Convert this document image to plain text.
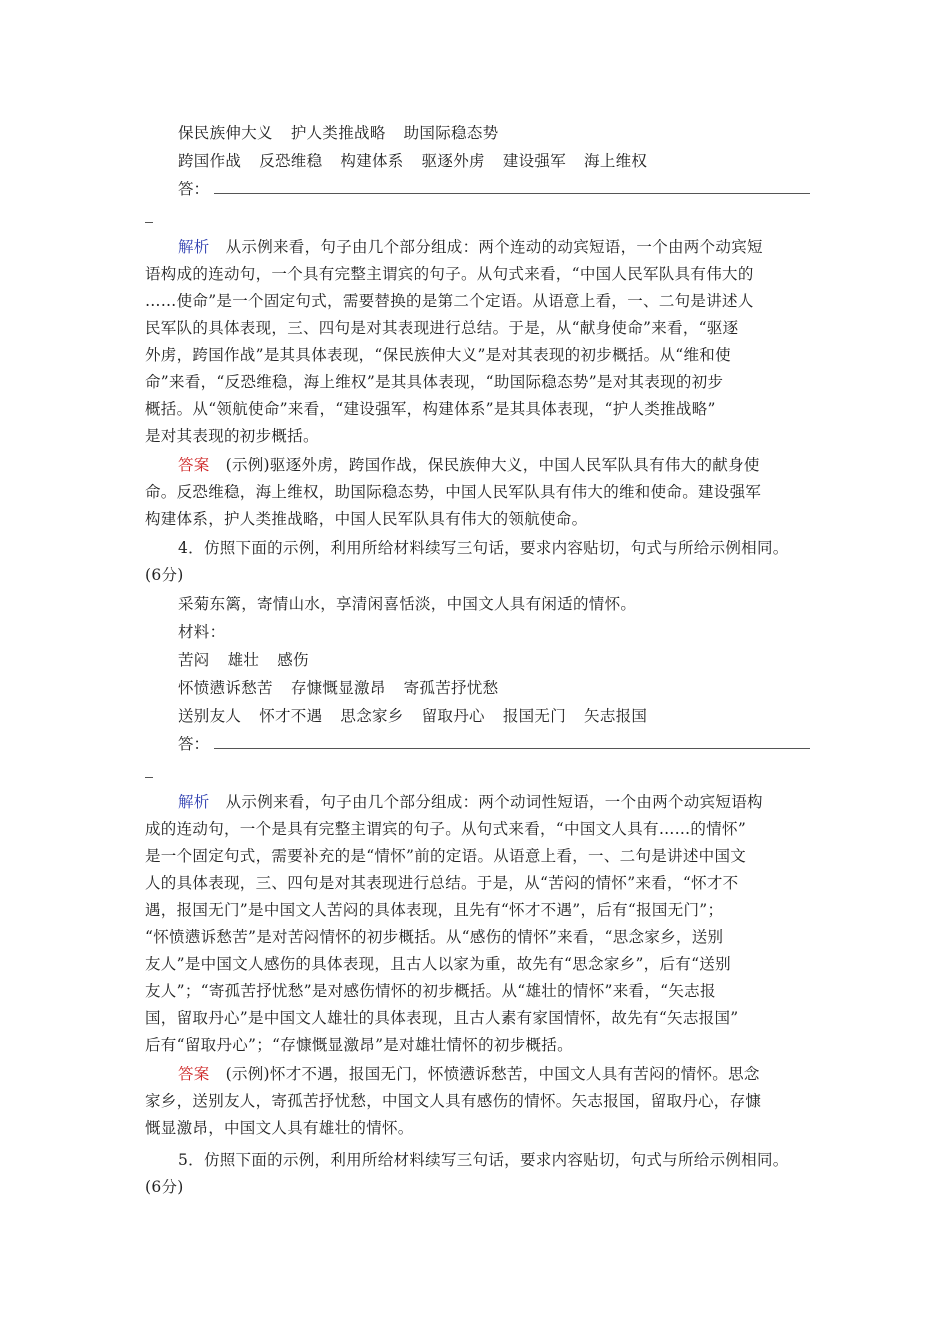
保民族伸大义 护人类推战略 助国际稳态势
跨国作战 反恐维稳 构建体系 驱逐外虏 建设强军 海上维权
答：
解析 从示例来看，句子由几个部分组成：两个连动的动宾短语，一个由两个动宾短
语构成的连动句，一个具有完整主谓宾的句子。从句式来看，“中国人民军队具有伟大的
……使命”是一个固定句式，需要替换的是第二个定语。从语意上看，一、二句是讲述人
民军队的具体表现，三、四句是对其表现进行总结。于是，从“献身使命”来看，“驱逐
外虏，跨国作战”是其具体表现，“保民族伸大义”是对其表现的初步概括。从“维和使
命”来看，“反恐维稳，海上维权”是其具体表现，“助国际稳态势”是对其表现的初步
概括。从“领航使命”来看，“建设强军，构建体系”是其具体表现，“护人类推战略”
是对其表现的初步概括。
答案 (示例)驱逐外虏，跨国作战，保民族伸大义，中国人民军队具有伟大的献身使
命。反恐维稳，海上维权，助国际稳态势，中国人民军队具有伟大的维和使命。建设强军
构建体系，护人类推战略，中国人民军队具有伟大的领航使命。
4．仿照下面的示例，利用所给材料续写三句话，要求内容贴切，句式与所给示例相同。
(6分)
采菊东篱，寄情山水，享清闲喜恬淡，中国文人具有闲适的情怀。
材料：
苦闷 雄壮 感伤
怀愤懑诉愁苦 存慷慨显激昂 寄孤苦抒忧愁
送别友人 怀才不遇 思念家乡 留取丹心 报国无门 矢志报国
答：
解析 从示例来看，句子由几个部分组成：两个动词性短语，一个由两个动宾短语构
成的连动句，一个是具有完整主谓宾的句子。从句式来看，“中国文人具有……的情怀”
是一个固定句式，需要补充的是“情怀”前的定语。从语意上看，一、二句是讲述中国文
人的具体表现，三、四句是对其表现进行总结。于是，从“苦闷的情怀”来看，“怀才不
遇，报国无门”是中国文人苦闷的具体表现，且先有“怀才不遇”，后有“报国无门”；
“怀愤懑诉愁苦”是对苦闷情怀的初步概括。从“感伤的情怀”来看，“思念家乡，送别
友人”是中国文人感伤的具体表现，且古人以家为重，故先有“思念家乡”，后有“送别
友人”；“寄孤苦抒忧愁”是对感伤情怀的初步概括。从“雄壮的情怀”来看，“矢志报
国，留取丹心”是中国文人雄壮的具体表现，且古人素有家国情怀，故先有“矢志报国”
后有“留取丹心”；“存慷慨显激昂”是对雄壮情怀的初步概括。
答案 (示例)怀才不遇，报国无门，怀愤懑诉愁苦，中国文人具有苦闷的情怀。思念
家乡，送别友人，寄孤苦抒忧愁，中国文人具有感伤的情怀。矢志报国，留取丹心，存慷
慨显激昂，中国文人具有雄壮的情怀。
5．仿照下面的示例，利用所给材料续写三句话，要求内容贴切，句式与所给示例相同。
(6分)
